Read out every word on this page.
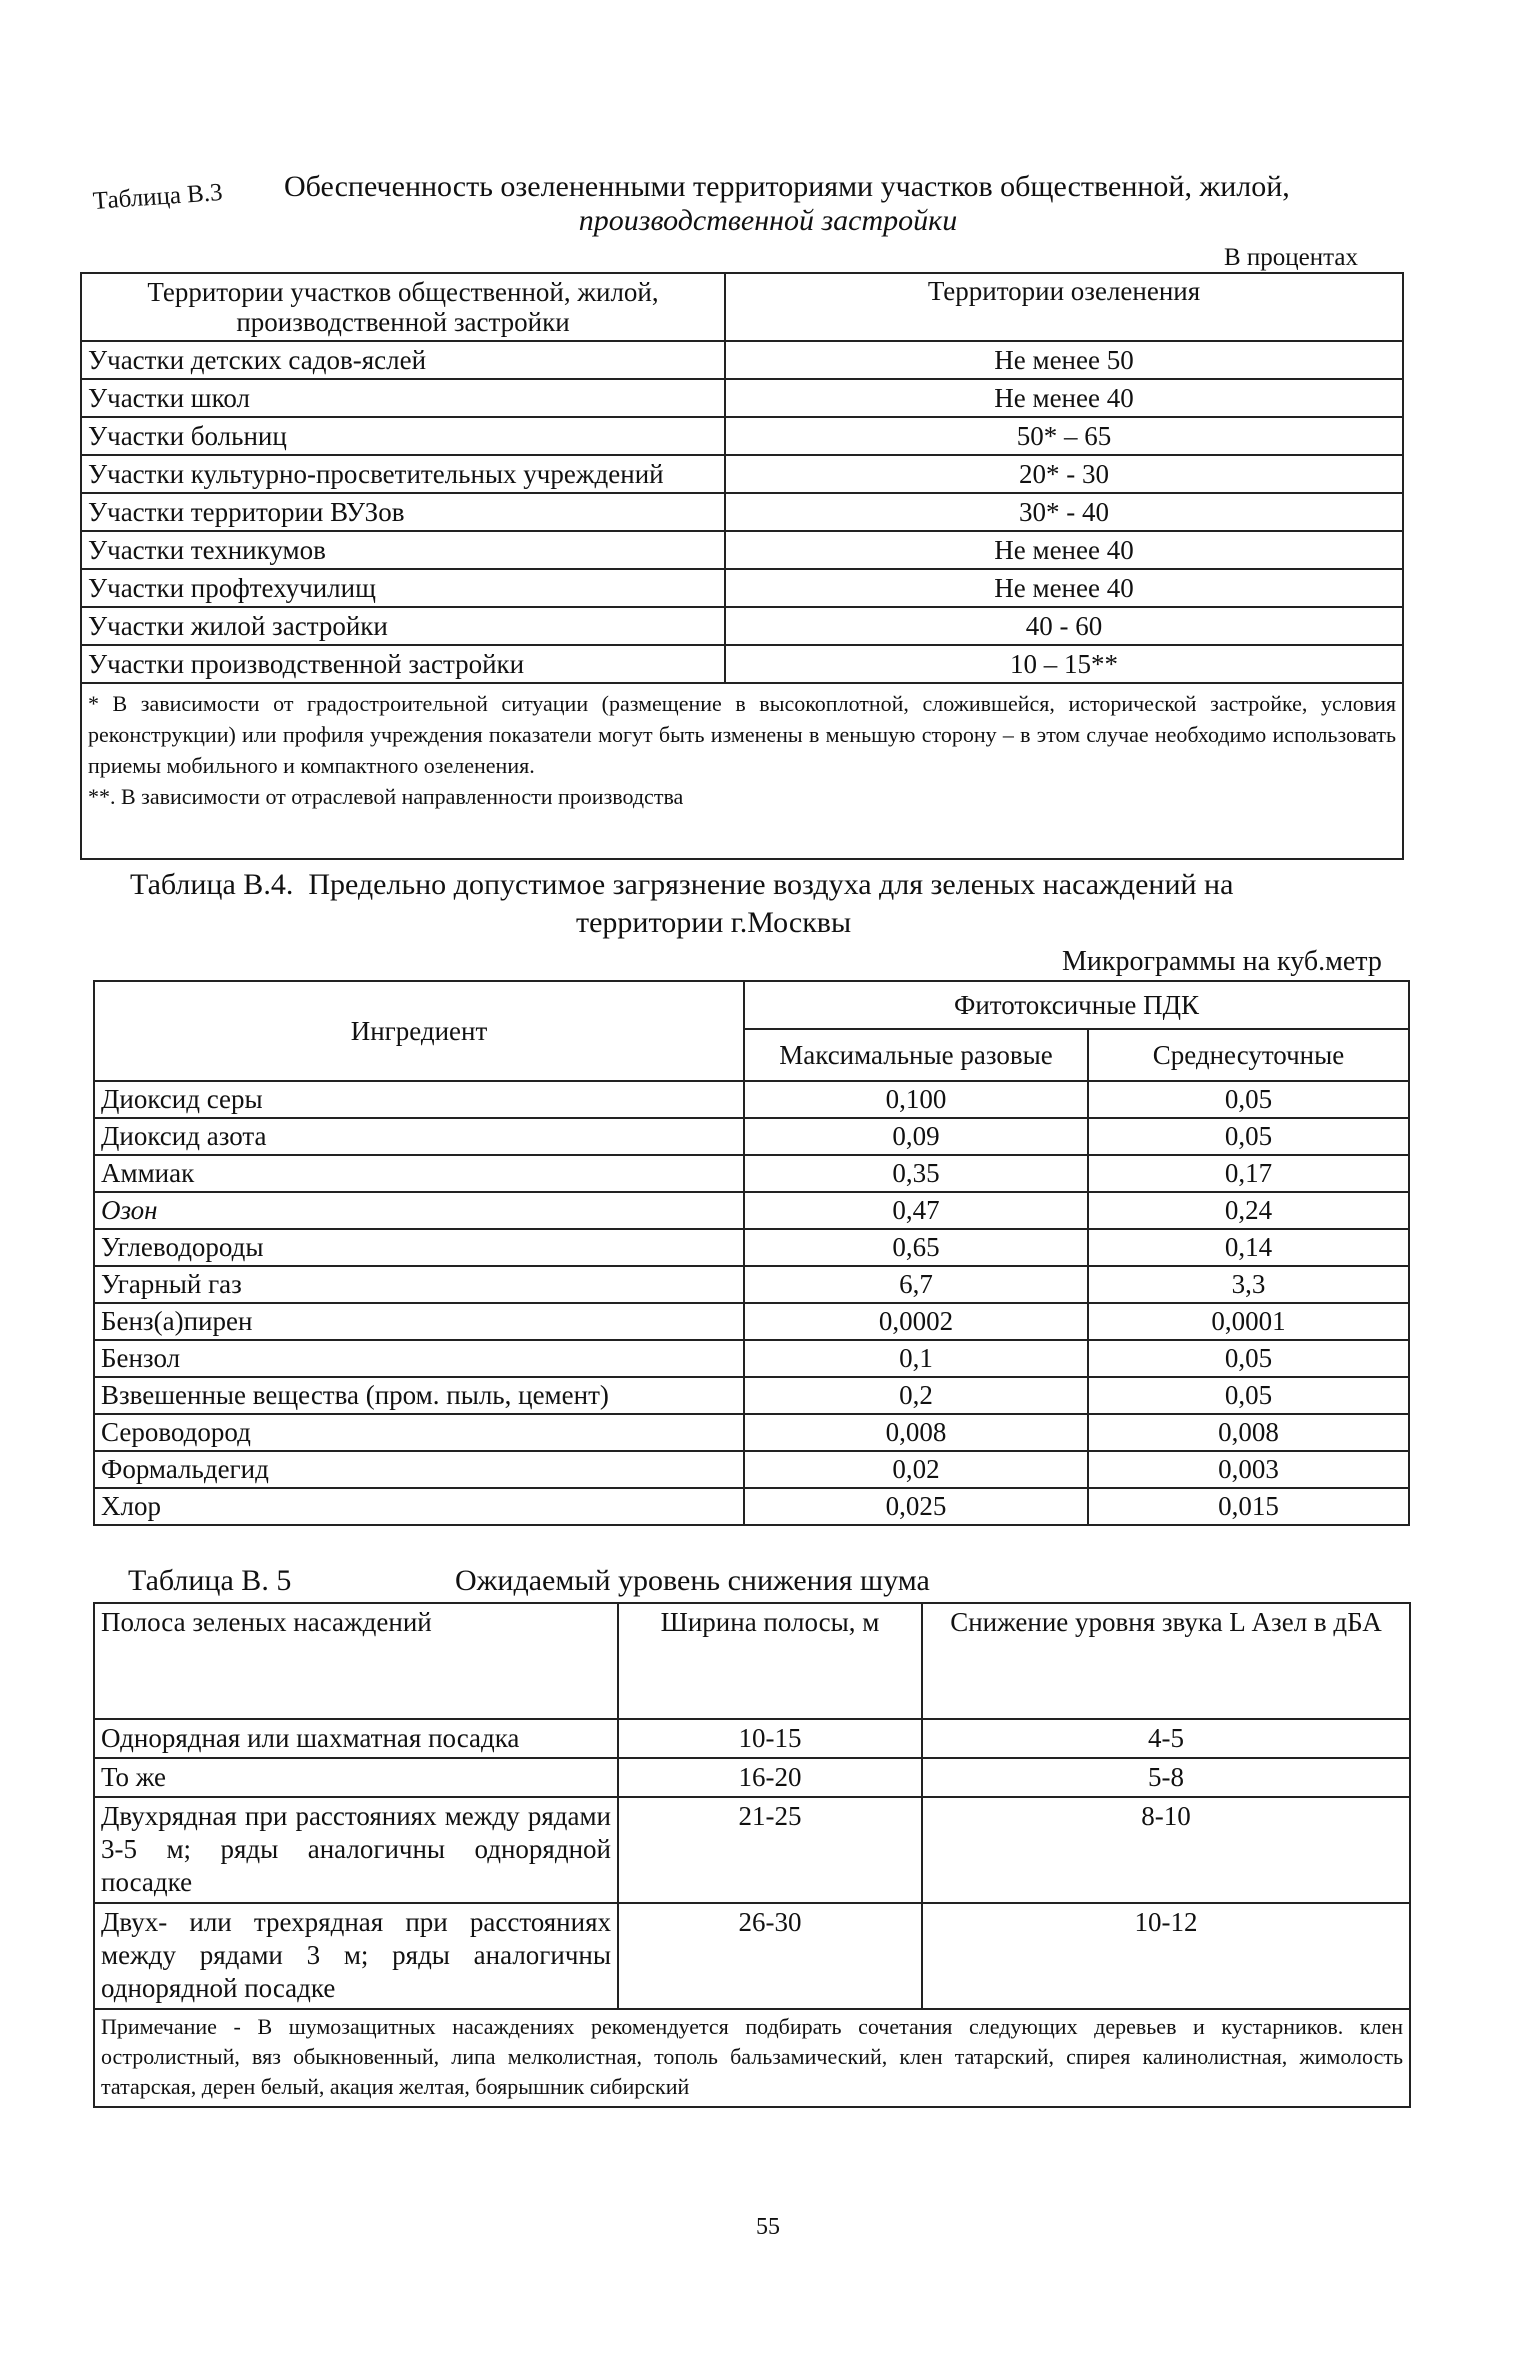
Таблица В.3 Обеспеченность озелененными территориями участков общественной, жилой,
производственной застройки
В процентах
Территории участков общественной, жилой, производственной застройки	Территории озеленения
Участки детских садов-яслей	Не менее 50
Участки школ	Не менее 40
Участки больниц	50* – 65
Участки культурно-просветительных учреждений	20* - 30
Участки территории ВУЗов	30* - 40
Участки техникумов	Не менее 40
Участки профтехучилищ	Не менее 40
Участки жилой застройки	40 - 60
Участки производственной застройки	10 – 15**

* В зависимости от градостроительной ситуации (размещение в высокоплотной, сложившейся, исторической застройке, условия реконструкции) или профиля учреждения показатели могут быть изменены в меньшую сторону – в этом случае необходимо использовать приемы мобильного и компактного озеленения.
**. В зависимости от отраслевой направленности производства	
Таблица В.4.  Предельно допустимое загрязнение воздуха для зеленых насаждений на
территории г.Москвы
Микрограммы на куб.метр
Ингредиент	Фитотоксичные ПДК	
	Максимальные разовые	Среднесуточные
Диоксид серы	0,100	0,05
Диоксид азота	0,09	0,05
Аммиак	0,35	0,17
Озон	0,47	0,24
Углеводороды	0,65	0,14
Угарный газ	6,7	3,3
Бенз(а)пирен	0,0002	0,0001
Бензол	0,1	0,05
Взвешенные вещества (пром. пыль, цемент)	0,2	0,05
Сероводород	0,008	0,008
Формальдегид	0,02	0,003
Хлор	0,025	0,015
Таблица В. 5	Ожидаемый уровень снижения шума
Полоса зеленых насаждений	Ширина полосы, м	Снижение уровня звука L Азел в дБА
Однорядная или шахматная посадка	10-15	4-5
То же	16-20	5-8
Двухрядная при расстояниях между рядами 3-5 м; ряды аналогичны однорядной посадке	21-25	8-10
Двух- или трехрядная при расстояниях между рядами 3 м; ряды аналогичны однорядной посадке	26-30	10-12
Примечание - В шумозащитных насаждениях рекомендуется подбирать сочетания следующих деревьев и кустарников. клен остролистный, вяз обыкновенный, липа мелколистная, тополь бальзамический, клен татарский, спирея калинолистная, жимолость татарская, дерен белый, акация желтая, боярышник сибирский		
55
